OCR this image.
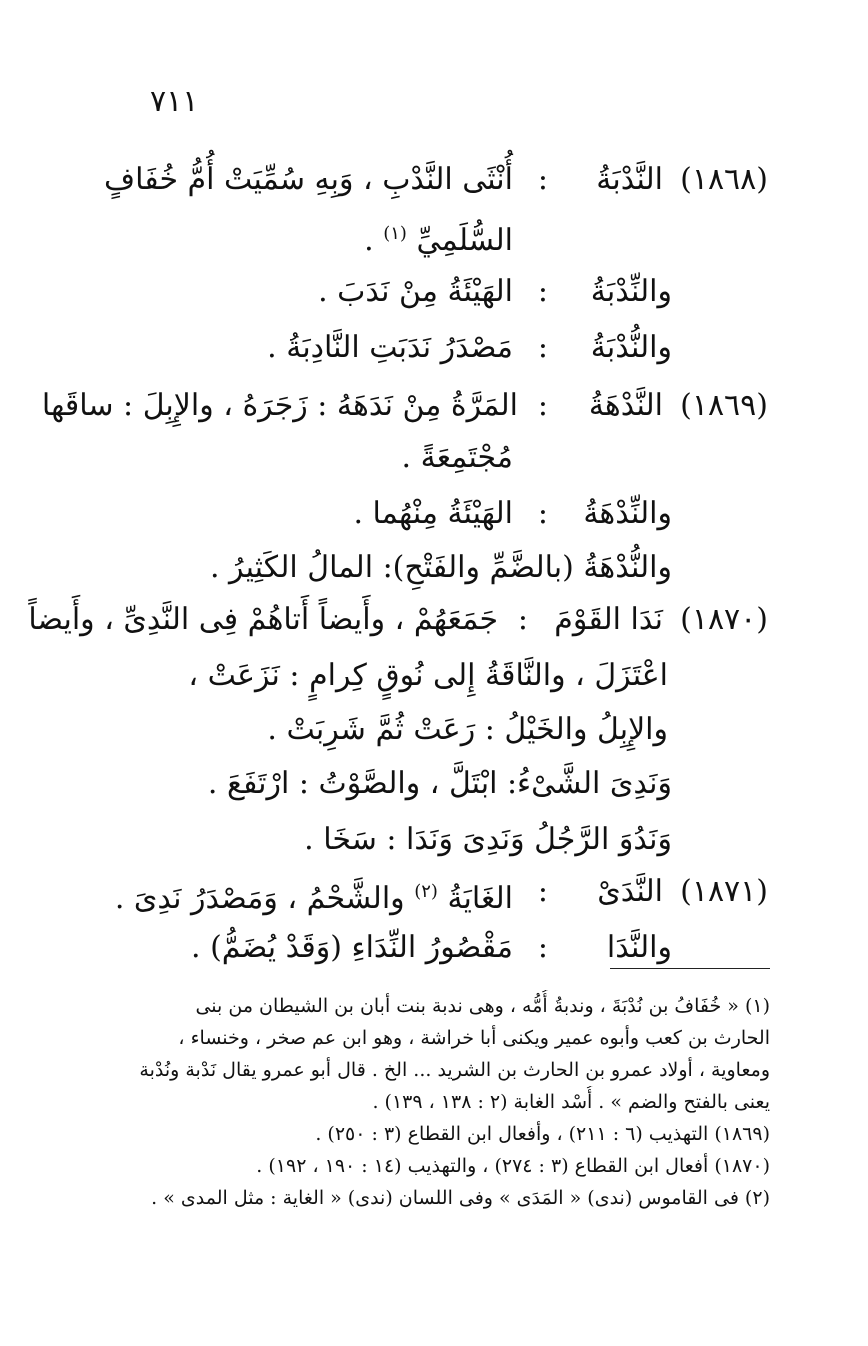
٧١١
(١٨٦٨)
النَّدْبَةُ
:
أُنْثَى النَّدْبِ ، وَبِهِ سُمِّيَتْ أُمُّ خُفَافٍ
السُّلَمِيِّ $^{(١)}$ .
والنِّدْبَةُ
:
الهَيْئَةُ مِنْ نَدَبَ .
والنُّدْبَةُ
:
مَصْدَرُ نَدَبَتِ النَّادِبَةُ .
(١٨٦٩)
النَّدْهَةُ
:
المَرَّةُ مِنْ نَدَهَهُ : زَجَرَهُ ، والإِبِلَ : ساقَها
مُجْتَمِعَةً .
والنِّدْهَةُ
:
الهَيْئَةُ مِنْهُما .
والنُّدْهَةُ (بالضَّمِّ والفَتْحِ): المالُ الكَثِيرُ .
(١٨٧٠)
نَدَا القَوْمَ
:
جَمَعَهُمْ ، وأَيضاً أَتاهُمْ فِى النَّدِىِّ ، وأَيضاً
اعْتَزَلَ ، والنَّاقَةُ إِلى نُوقٍ كِرامٍ : نَزَعَتْ ،
والإِبِلُ والخَيْلُ : رَعَتْ ثُمَّ شَرِبَتْ .
وَنَدِىَ الشَّىْءُ: ابْتَلَّ ، والصَّوْتُ : ارْتَفَعَ .
وَنَدُوَ الرَّجُلُ وَنَدِىَ وَنَدَا : سَخَا .
(١٨٧١)
النَّدَىْ
:
الغَايَةُ $^{(٢)}$ والشَّحْمُ ، وَمَصْدَرُ نَدِىَ .
والنَّدَا
:
مَقْصُورُ النِّدَاءِ (وَقَدْ يُضَمُّ) .
(١) « خُفَافُ بن نُدْبَةَ ، وندبةُ أُمُّه ، وهى ندبة بنت أبان بن الشيطان من بنى
الحارث بن كعب وأبوه عمير ويكنى أبا خراشة ، وهو ابن عم صخر ، وخنساء ،
ومعاوية ، أولاد عمرو بن الحارث بن الشريد ... الخ . قال أبو عمرو يقال نَدْبة ونُدْبة
يعنى بالفتح والضم » . أُسْد الغابة (٢ : ١٣٨ ، ١٣٩) .
(١٨٦٩) التهذيب (٦ : ٢١١) ، وأفعال ابن القطاع (٣ : ٢٥٠) .
(١٨٧٠) أفعال ابن القطاع (٣ : ٢٧٤) ، والتهذيب (١٤ : ١٩٠ ، ١٩٢) .
(٢) فى القاموس (ندى) « المَدَى » وفى اللسان (ندى) « الغاية : مثل المدى » .
